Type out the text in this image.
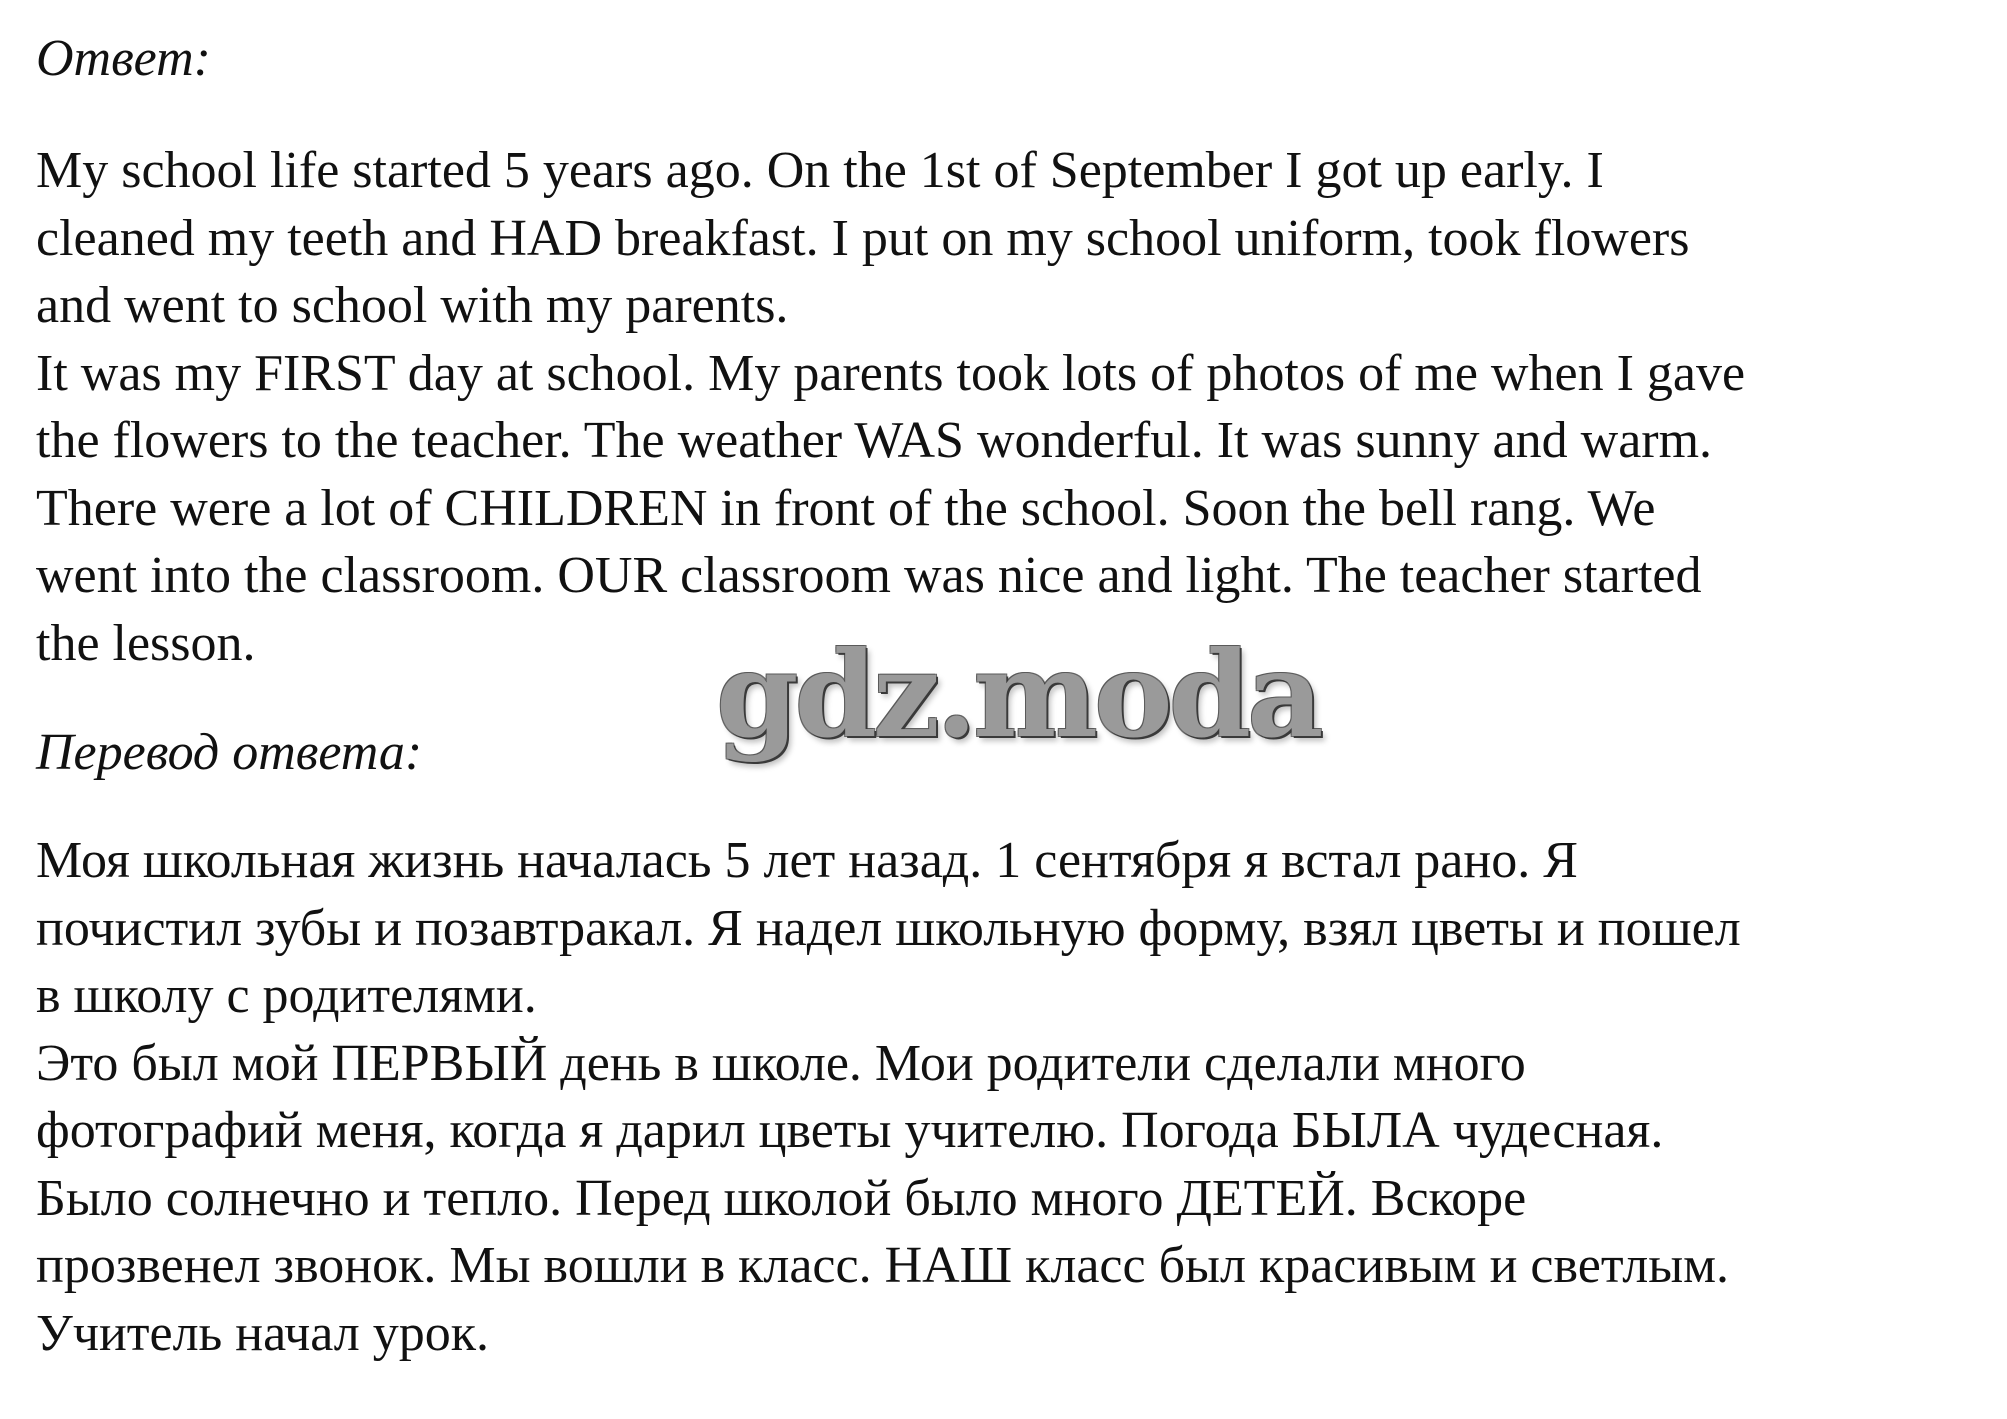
Ответ:
My school life started 5 years ago. On the 1st of September I got up early. I
cleaned my teeth and HAD breakfast. I put on my school uniform, took flowers
and went to school with my parents.
It was my FIRST day at school. My parents took lots of photos of me when I gave
the flowers to the teacher. The weather WAS wonderful. It was sunny and warm.
There were a lot of CHILDREN in front of the school. Soon the bell rang. We
went into the classroom. OUR classroom was nice and light. The teacher started
the lesson.	gdz.moda
Перевод ответа:
Моя школьная жизнь началась 5 лет назад. 1 сентября я встал рано. Я
почистил зубы и позавтракал. Я надел школьную форму, взял цветы и пошел
в школу с родителями.
Это был мой ПЕРВЫЙ день в школе. Мои родители сделали много
фотографий меня, когда я дарил цветы учителю. Погода БЫЛА чудесная.
Было солнечно и тепло. Перед школой было много ДЕТЕЙ. Вскоре
прозвенел звонок. Мы вошли в класс. НАШ класс был красивым и светлым.
Учитель начал урок.
